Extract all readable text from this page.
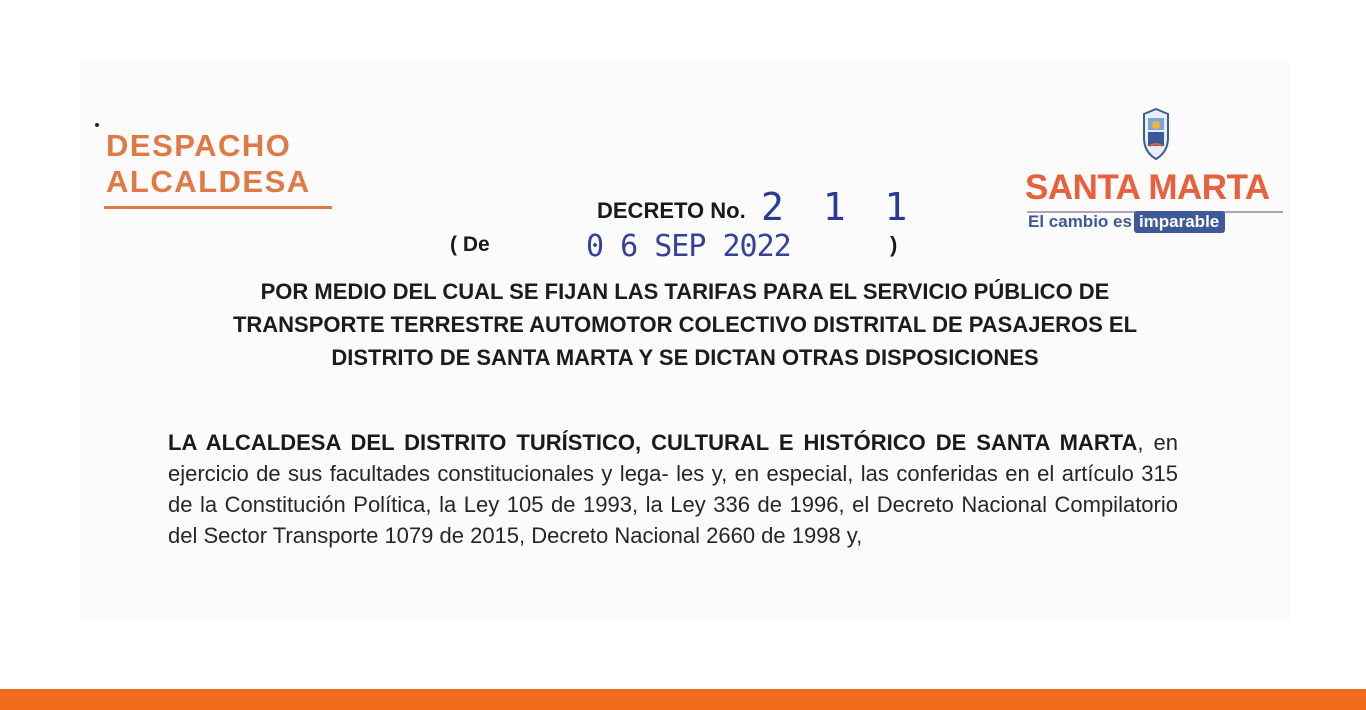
DESPACHO
ALCALDESA	SANTA MARTA
El cambio es imparable
DECRETO No. 2 1 1
( De	0 6 SEP 2022	)
POR MEDIO DEL CUAL SE FIJAN LAS TARIFAS PARA EL SERVICIO PÚBLICO DE
TRANSPORTE TERRESTRE AUTOMOTOR COLECTIVO DISTRITAL DE PASAJEROS EL
DISTRITO DE SANTA MARTA Y SE DICTAN OTRAS DISPOSICIONES
LA ALCALDESA DEL DISTRITO TURÍSTICO, CULTURAL E HISTÓRICO DE SANTA MARTA, en ejercicio de sus facultades constitucionales y lega- les y, en especial, las conferidas en el artículo 315 de la Constitución Política, la Ley 105 de 1993, la Ley 336 de 1996, el Decreto Nacional Compilatorio del Sector Transporte 1079 de 2015, Decreto Nacional 2660 de 1998 y,
